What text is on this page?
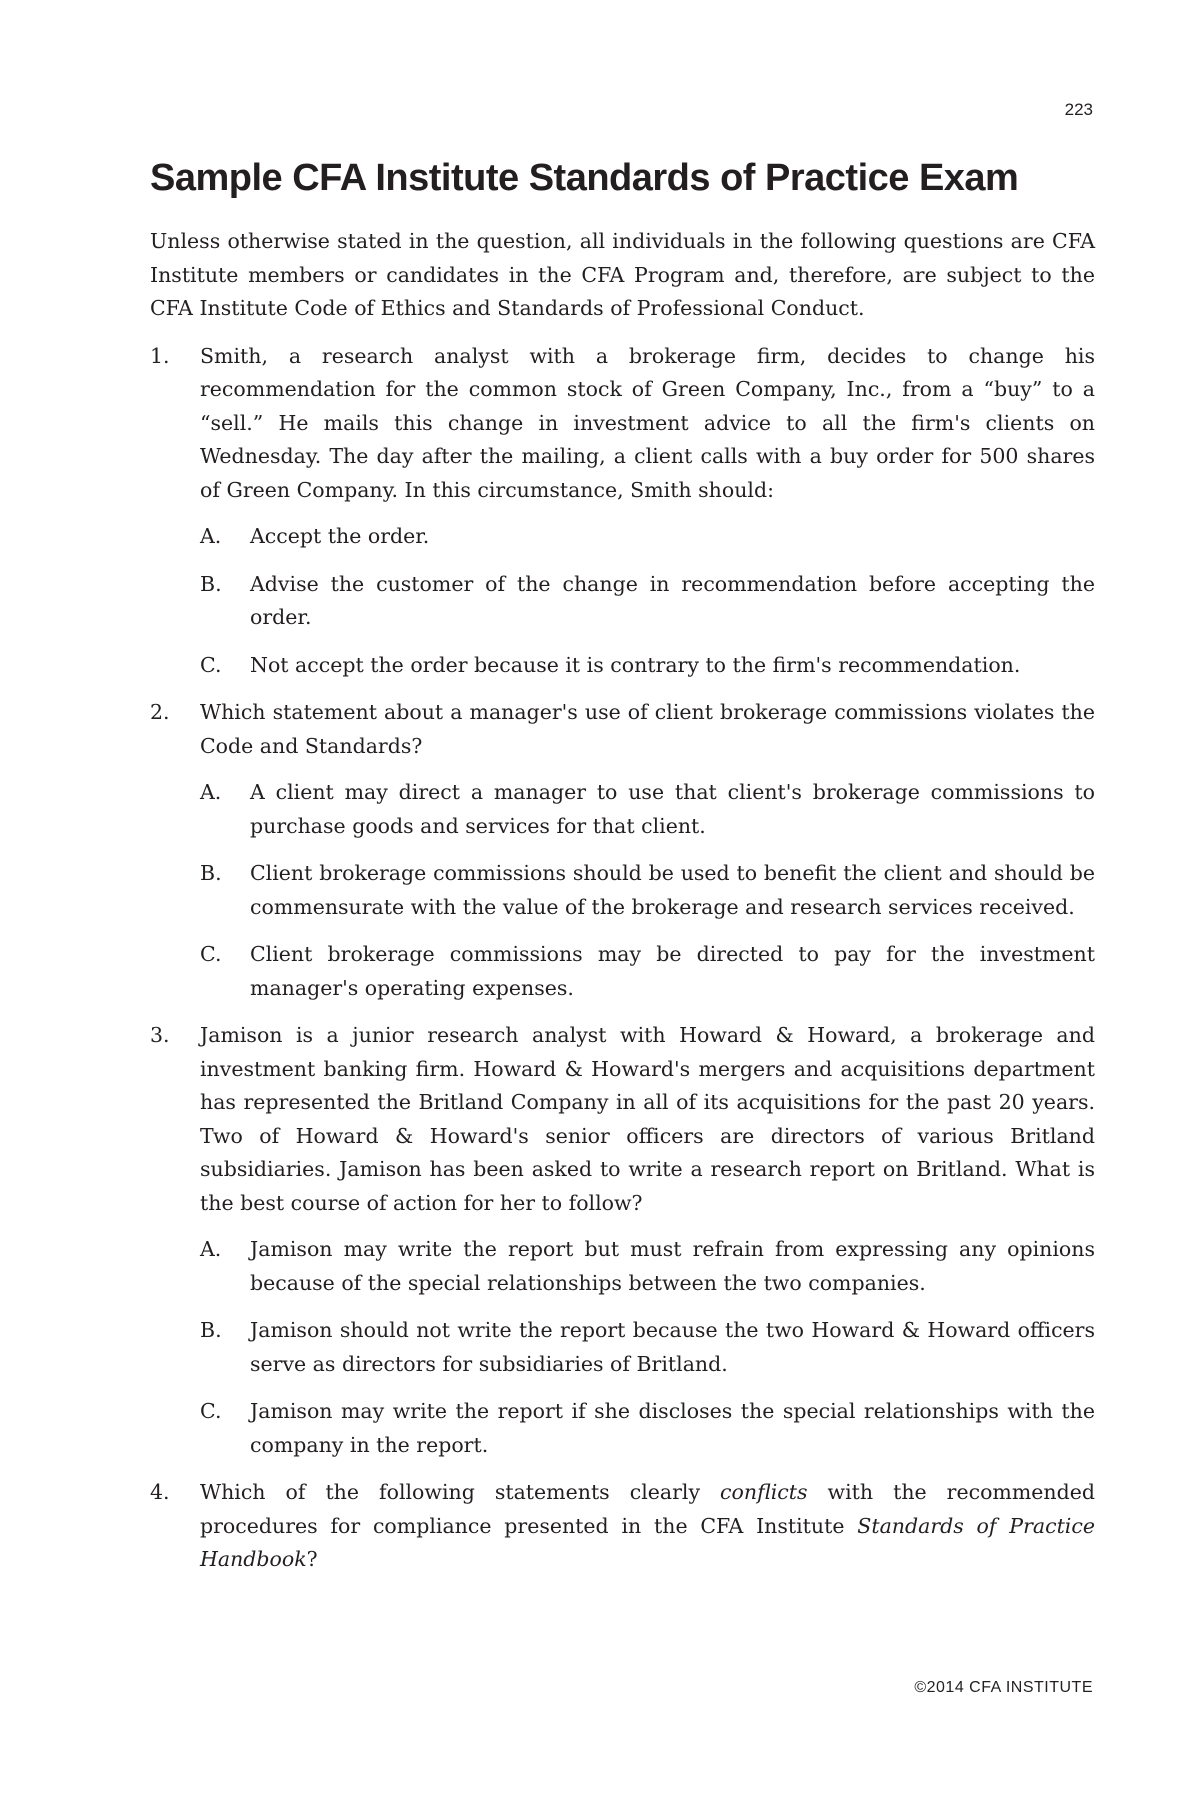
223
Sample CFA Institute Standards of Practice Exam

Unless otherwise stated in the question, all individuals in the following questions are CFA Institute members or candidates in the CFA Program and, therefore, are subject to the CFA Institute Code of Ethics and Standards of Professional Conduct.

1. Smith, a research analyst with a brokerage firm, decides to change his recommendation for the common stock of Green Company, Inc., from a “buy” to a “sell.” He mails this change in investment advice to all the firm's clients on Wednesday. The day after the mailing, a client calls with a buy order for 500 shares of Green Company. In this circumstance, Smith should:
A. Accept the order.
B. Advise the customer of the change in recommendation before accepting the order.
C. Not accept the order because it is contrary to the firm's recommendation.
2. Which statement about a manager's use of client brokerage commissions violates the Code and Standards?
A. A client may direct a manager to use that client's brokerage commissions to purchase goods and services for that client.
B. Client brokerage commissions should be used to benefit the client and should be commensurate with the value of the brokerage and research services received.
C. Client brokerage commissions may be directed to pay for the investment manager's operating expenses.
3. Jamison is a junior research analyst with Howard & Howard, a brokerage and investment banking firm. Howard & Howard's mergers and acquisitions department has represented the Britland Company in all of its acquisitions for the past 20 years. Two of Howard & Howard's senior officers are directors of various Britland subsidiaries. Jamison has been asked to write a research report on Britland. What is the best course of action for her to follow?
A. Jamison may write the report but must refrain from expressing any opinions because of the special relationships between the two companies.
B. Jamison should not write the report because the two Howard & Howard officers serve as directors for subsidiaries of Britland.
C. Jamison may write the report if she discloses the special relationships with the company in the report.
4. Which of the following statements clearly conflicts with the recommended procedures for compliance presented in the CFA Institute Standards of Practice Handbook?
©2014 CFA INSTITUTE
